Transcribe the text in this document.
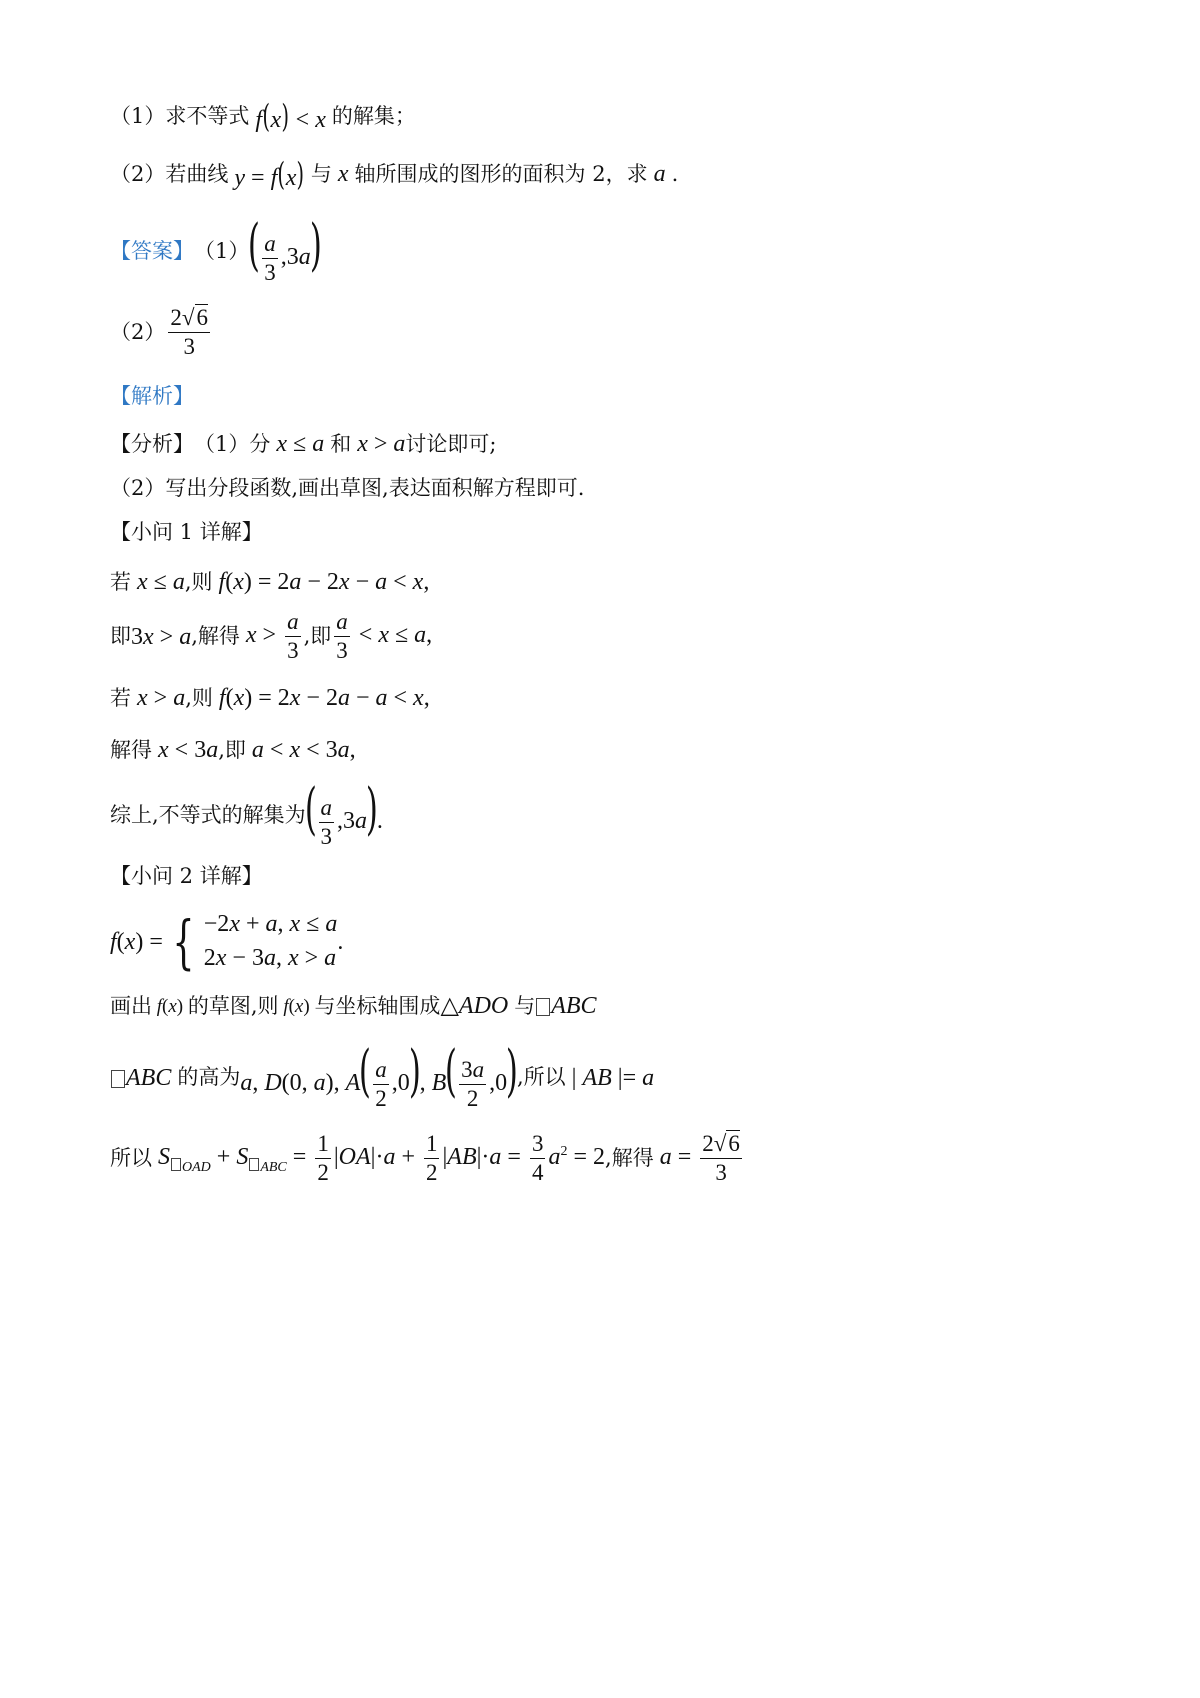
（1） 求不等式 f(x) < x 的解集；
（2） 若曲线 y = f(x) 与 x 轴所围成的图形的面积为 2，求 a .
【答案】 （1）
( $\frac{a}{3} ,3a$)
$(2) \frac{2√6}{3}$
【解析】
【分析】 （1）分 x ≤ a 和 x > a 讨论即可;
（2）写出分段函数,画出草图,表达面积解方程即可.
【小问 1 详解】
若 x ≤ a ,则 f(x) = 2a − 2x − a < x,
即 3x > a ,解得 $x > \frac{a}{3}$ ,即 $\frac{a}{3} < x \le a$,
若 x > a ,则 f(x) = 2x − 2a − a < x,
解得 x < 3a ,即 a < x < 3a,
综上,不等式的解集为
( $\frac{a}{3} ,3a$).
【小问 2 详解】
f(x) = { −2x + a, x ≤ a
2x − 3a, x > a
.
画出 f(x) 的草图,则 f(x) 与坐标轴围成 △ADO 与 ABC
ABC 的高为 a, D(0, a), $A( \frac{a}{2} ,0)$, $B( \frac{3a}{2} ,0)$
,所以 | AB |= a
所以 S $_{OAD}$ + S $_{ABC} = \frac{1}{2} |OA|\cdot a + \frac{1}{2} |AB|\cdot a = \frac{3}{4} a^2 = 2$ ,解得 $a = \frac{2√6}{3}$
